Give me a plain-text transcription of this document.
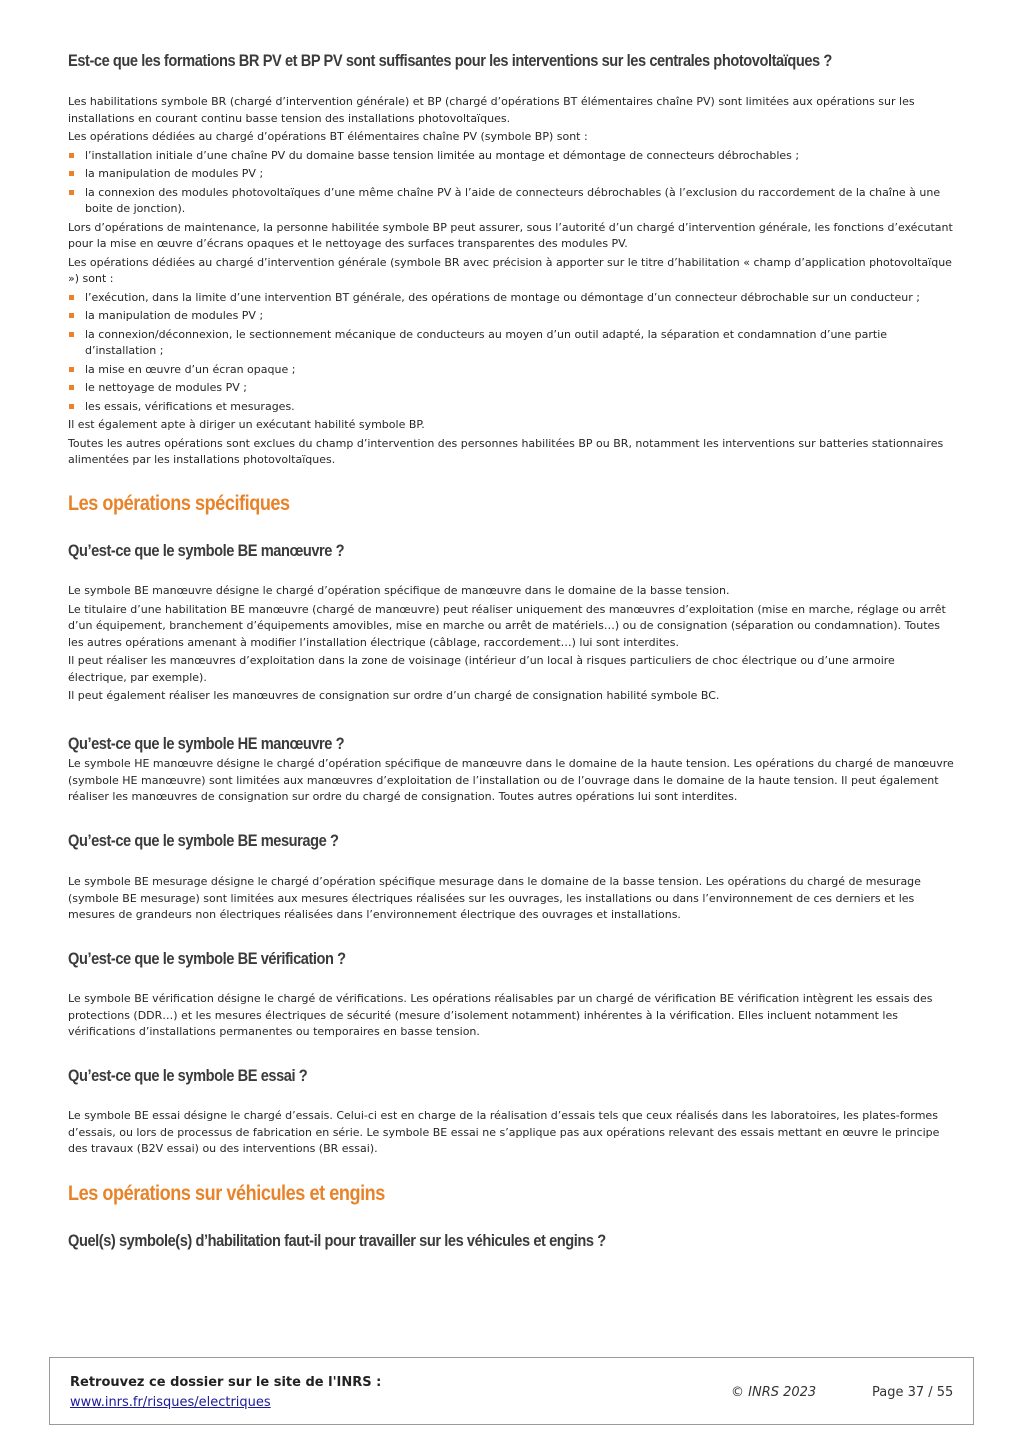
Est-ce que les formations BR PV et BP PV sont suffisantes pour les interventions sur les centrales photovoltaïques ?

Les habilitations symbole BR (chargé d’intervention générale) et BP (chargé d’opérations BT élémentaires chaîne PV) sont limitées aux opérations sur les installations en courant continu basse tension des installations photovoltaïques.

Les opérations dédiées au chargé d’opérations BT élémentaires chaîne PV (symbole BP) sont :

l’installation initiale d’une chaîne PV du domaine basse tension limitée au montage et démontage de connecteurs débrochables ;
la manipulation de modules PV ;
la connexion des modules photovoltaïques d’une même chaîne PV à l’aide de connecteurs débrochables (à l’exclusion du raccordement de la chaîne à une boite de jonction).

Lors d’opérations de maintenance, la personne habilitée symbole BP peut assurer, sous l’autorité d’un chargé d’intervention générale, les fonctions d’exécutant pour la mise en œuvre d’écrans opaques et le nettoyage des surfaces transparentes des modules PV.

Les opérations dédiées au chargé d’intervention générale (symbole BR avec précision à apporter sur le titre d’habilitation « champ d’application photovoltaïque ») sont :

l’exécution, dans la limite d’une intervention BT générale, des opérations de montage ou démontage d’un connecteur débrochable sur un conducteur ;
la manipulation de modules PV ;
la connexion/déconnexion, le sectionnement mécanique de conducteurs au moyen d’un outil adapté, la séparation et condamnation d’une partie d’installation ;
la mise en œuvre d’un écran opaque ;
le nettoyage de modules PV ;
les essais, vérifications et mesurages.

Il est également apte à diriger un exécutant habilité symbole BP.

Toutes les autres opérations sont exclues du champ d’intervention des personnes habilitées BP ou BR, notamment les interventions sur batteries stationnaires alimentées par les installations photovoltaïques.

Les opérations spécifiques
Qu’est-ce que le symbole BE manœuvre ?

Le symbole BE manœuvre désigne le chargé d’opération spécifique de manœuvre dans le domaine de la basse tension.

Le titulaire d’une habilitation BE manœuvre (chargé de manœuvre) peut réaliser uniquement des manœuvres d’exploitation (mise en marche, réglage ou arrêt d’un équipement, branchement d’équipements amovibles, mise en marche ou arrêt de matériels…) ou de consignation (séparation ou condamnation). Toutes les autres opérations amenant à modifier l’installation électrique (câblage, raccordement…) lui sont interdites.

Il peut réaliser les manœuvres d’exploitation dans la zone de voisinage (intérieur d’un local à risques particuliers de choc électrique ou d’une armoire électrique, par exemple).

Il peut également réaliser les manœuvres de consignation sur ordre d’un chargé de consignation habilité symbole BC.

Qu’est-ce que le symbole HE manœuvre ?

Le symbole HE manœuvre désigne le chargé d’opération spécifique de manœuvre dans le domaine de la haute tension. Les opérations du chargé de manœuvre (symbole HE manœuvre) sont limitées aux manœuvres d’exploitation de l’installation ou de l’ouvrage dans le domaine de la haute tension. Il peut également réaliser les manœuvres de consignation sur ordre du chargé de consignation. Toutes autres opérations lui sont interdites.

Qu’est-ce que le symbole BE mesurage ?

Le symbole BE mesurage désigne le chargé d’opération spécifique mesurage dans le domaine de la basse tension. Les opérations du chargé de mesurage (symbole BE mesurage) sont limitées aux mesures électriques réalisées sur les ouvrages, les installations ou dans l’environnement de ces derniers et les mesures de grandeurs non électriques réalisées dans l’environnement électrique des ouvrages et installations.

Qu’est-ce que le symbole BE vérification ?

Le symbole BE vérification désigne le chargé de vérifications. Les opérations réalisables par un chargé de vérification BE vérification intègrent les essais des protections (DDR…) et les mesures électriques de sécurité (mesure d’isolement notamment) inhérentes à la vérification. Elles incluent notamment les vérifications d’installations permanentes ou temporaires en basse tension.

Qu’est-ce que le symbole BE essai ?

Le symbole BE essai désigne le chargé d’essais. Celui-ci est en charge de la réalisation d’essais tels que ceux réalisés dans les laboratoires, les plates-formes d’essais, ou lors de processus de fabrication en série. Le symbole BE essai ne s’applique pas aux opérations relevant des essais mettant en œuvre le principe des travaux (B2V essai) ou des interventions (BR essai).

Les opérations sur véhicules et engins
Quel(s) symbole(s) d’habilitation faut-il pour travailler sur les véhicules et engins ?
Retrouvez ce dossier sur le site de l'INRS :
www.inrs.fr/risques/electriques
© INRS 2023	Page 37 / 55
